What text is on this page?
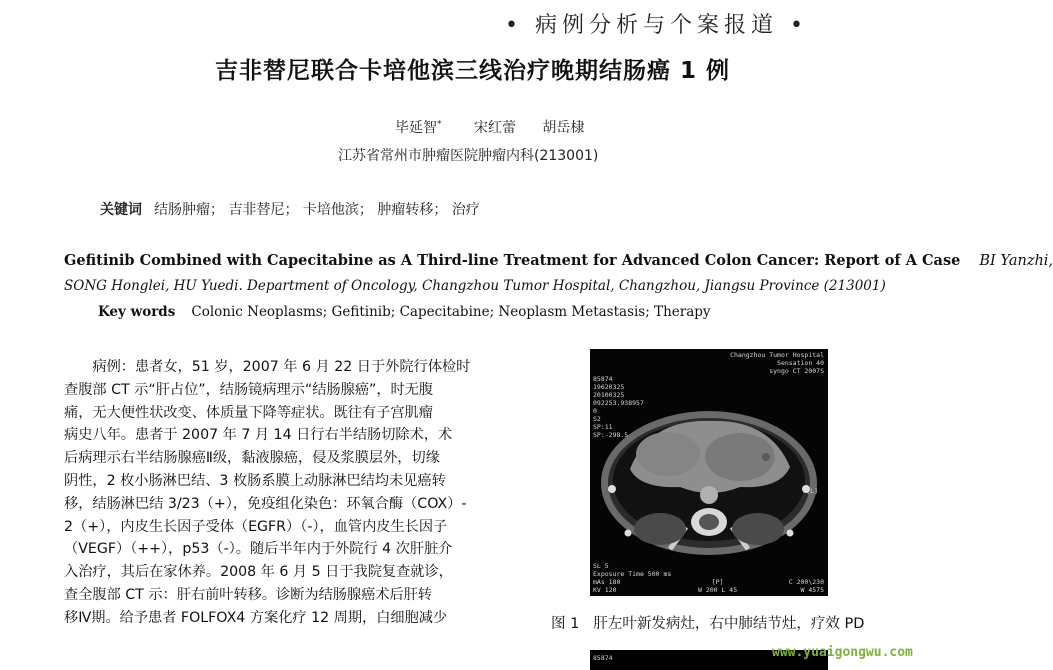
• 病例分析与个案报道 •
吉非替尼联合卡培他滨三线治疗晚期结肠癌 1 例
毕延智* 宋红蕾 胡岳棣
江苏省常州市肿瘤医院肿瘤内科(213001)
关键词 结肠肿瘤； 吉非替尼； 卡培他滨； 肿瘤转移； 治疗
Gefitinib Combined with Capecitabine as A Third-line Treatment for Advanced Colon Cancer: Report of A Case BI Yanzhi,
SONG Honglei, HU Yuedi. Department of Oncology, Changzhou Tumor Hospital, Changzhou, Jiangsu Province (213001)
Key words Colonic Neoplasms; Gefitinib; Capecitabine; Neoplasm Metastasis; Therapy

病例：患者女，51 岁，2007 年 6 月 22 日于外院行体检时

查腹部 CT 示“肝占位”，结肠镜病理示“结肠腺癌”，时无腹

痛，无大便性状改变、体质量下降等症状。既往有子宫肌瘤

病史八年。患者于 2007 年 7 月 14 日行右半结肠切除术，术

后病理示右半结肠腺癌Ⅱ级，黏液腺癌，侵及浆膜层外，切缘

阴性，2 枚小肠淋巴结、3 枚肠系膜上动脉淋巴结均未见癌转

移，结肠淋巴结 3/23（+），免疫组化染色：环氧合酶（COX）-

2（+），内皮生长因子受体（EGFR）（-），血管内皮生长因子

（VEGF）（++），p53（-）。随后半年内于外院行 4 次肝脏介

入治疗，其后在家休养。2008 年 6 月 5 日于我院复查就诊，

查全腹部 CT 示：肝右前叶转移。诊断为结肠腺癌术后肝转

移Ⅳ期。给予患者 FOLFOX4 方案化疗 12 周期，白细胞减少

Changzhou Tumor Hospital
Sensation 40
syngo CT 2007S
85874
19620325
20100325
092253.938957
0
S2
SP:11
SP:-298.5
[L]
SL 5
Exposure Time 500 ms
mAs 180
KV 120
[P]
W 200 L 45
C 200\230
W 4575
图 1 肝左叶新发病灶，右中肺结节灶，疗效 PD
85874	www.yuaigongwu.com
